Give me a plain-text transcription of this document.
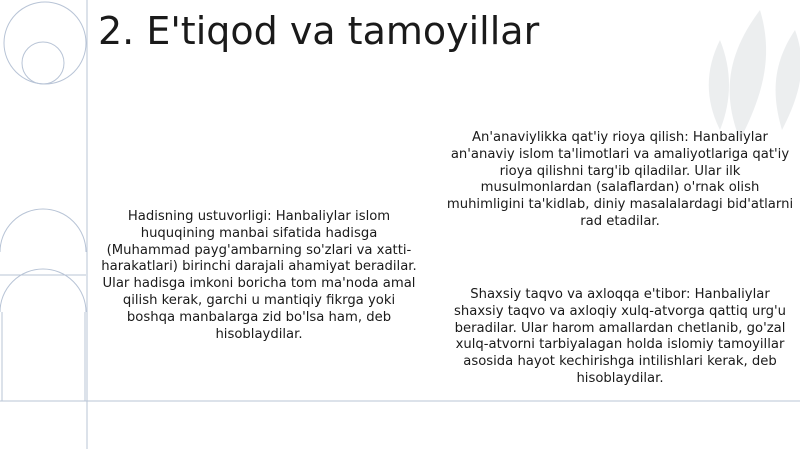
2. E'tiqod va tamoyillar

Hadisning ustuvorligi: Hanbaliylar islom huquqining manbai sifatida hadisga (Muhammad payg'ambarning so'zlari va xatti-harakatlari) birinchi darajali ahamiyat beradilar. Ular hadisga imkoni boricha tom ma'noda amal qilish kerak, garchi u mantiqiy fikrga yoki boshqa manbalarga zid bo'lsa ham, deb hisoblaydilar.

An'anaviylikka qat'iy rioya qilish: Hanbaliylar an'anaviy islom ta'limotlari va amaliyotlariga qat'iy rioya qilishni targ'ib qiladilar. Ular ilk musulmonlardan (salaflardan) o'rnak olish muhimligini ta'kidlab, diniy masalalardagi bid'atlarni rad etadilar.

Shaxsiy taqvo va axloqqa e'tibor: Hanbaliylar shaxsiy taqvo va axloqiy xulq-atvorga qattiq urg'u beradilar. Ular harom amallardan chetlanib, go'zal xulq-atvorni tarbiyalagan holda islomiy tamoyillar asosida hayot kechirishga intilishlari kerak, deb hisoblaydilar.
